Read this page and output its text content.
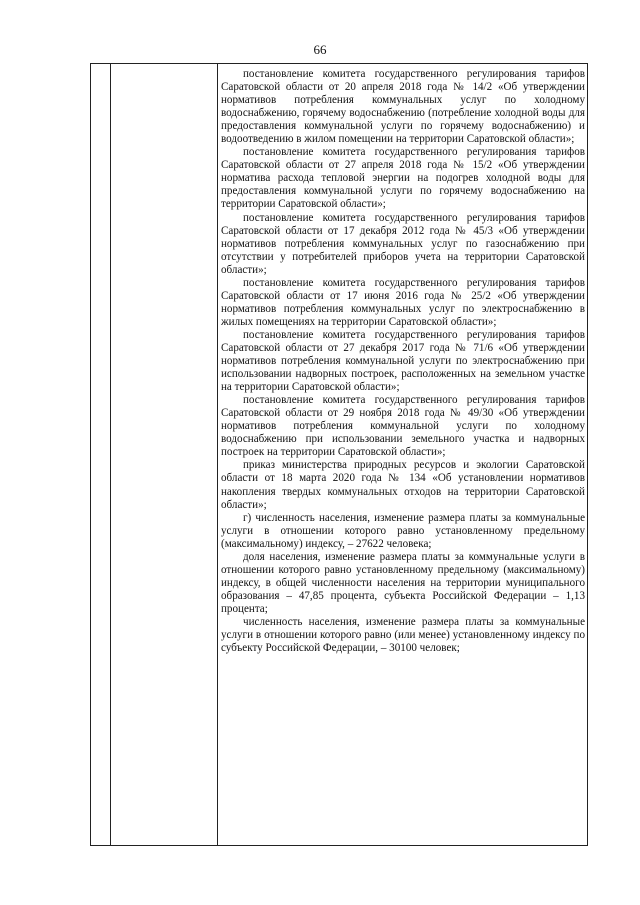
66

постановление комитета государственного регулирования тарифов Саратовской области от 20 апреля 2018 года № 14/2 «Об утверждении нормативов потребления коммунальных услуг по холодному водоснабжению, горячему водоснабжению (потребление холодной воды для предоставления коммунальной услуги по горячему водоснабжению) и водоотведению в жилом помещении на территории Саратовской области»;

постановление комитета государственного регулирования тарифов Саратовской области от 27 апреля 2018 года № 15/2 «Об утверждении норматива расхода тепловой энергии на подогрев холодной воды для предоставления коммунальной услуги по горячему водоснабжению на территории Саратовской области»;

постановление комитета государственного регулирования тарифов Саратовской области от 17 декабря 2012 года № 45/3 «Об утверждении нормативов потребления коммунальных услуг по газоснабжению при отсутствии у потребителей приборов учета на территории Саратовской области»;

постановление комитета государственного регулирования тарифов Саратовской области от 17 июня 2016 года № 25/2 «Об утверждении нормативов потребления коммунальных услуг по электроснабжению в жилых помещениях на территории Саратовской области»;

постановление комитета государственного регулирования тарифов Саратовской области от 27 декабря 2017 года № 71/6 «Об утверждении нормативов потребления коммунальной услуги по электроснабжению при использовании надворных построек, расположенных на земельном участке на территории Саратовской области»;

постановление комитета государственного регулирования тарифов Саратовской области от 29 ноября 2018 года № 49/30 «Об утверждении нормативов потребления коммунальной услуги по холодному водоснабжению при использовании земельного участка и надворных построек на территории Саратовской области»;

приказ министерства природных ресурсов и экологии Саратовской области от 18 марта 2020 года № 134 «Об установлении нормативов накопления твердых коммунальных отходов на территории Саратовской области»;

г) численность населения, изменение размера платы за коммунальные услуги в отношении которого равно установленному предельному (максимальному) индексу, – 27622 человека;

доля населения, изменение размера платы за коммунальные услуги в отношении которого равно установленному предельному (максимальному) индексу, в общей численности населения на территории муниципального образования – 47,85 процента, субъекта Российской Федерации – 1,13 процента;

численность населения, изменение размера платы за коммунальные услуги в отношении которого равно (или менее) установленному индексу по субъекту Российской Федерации, – 30100 человек;
